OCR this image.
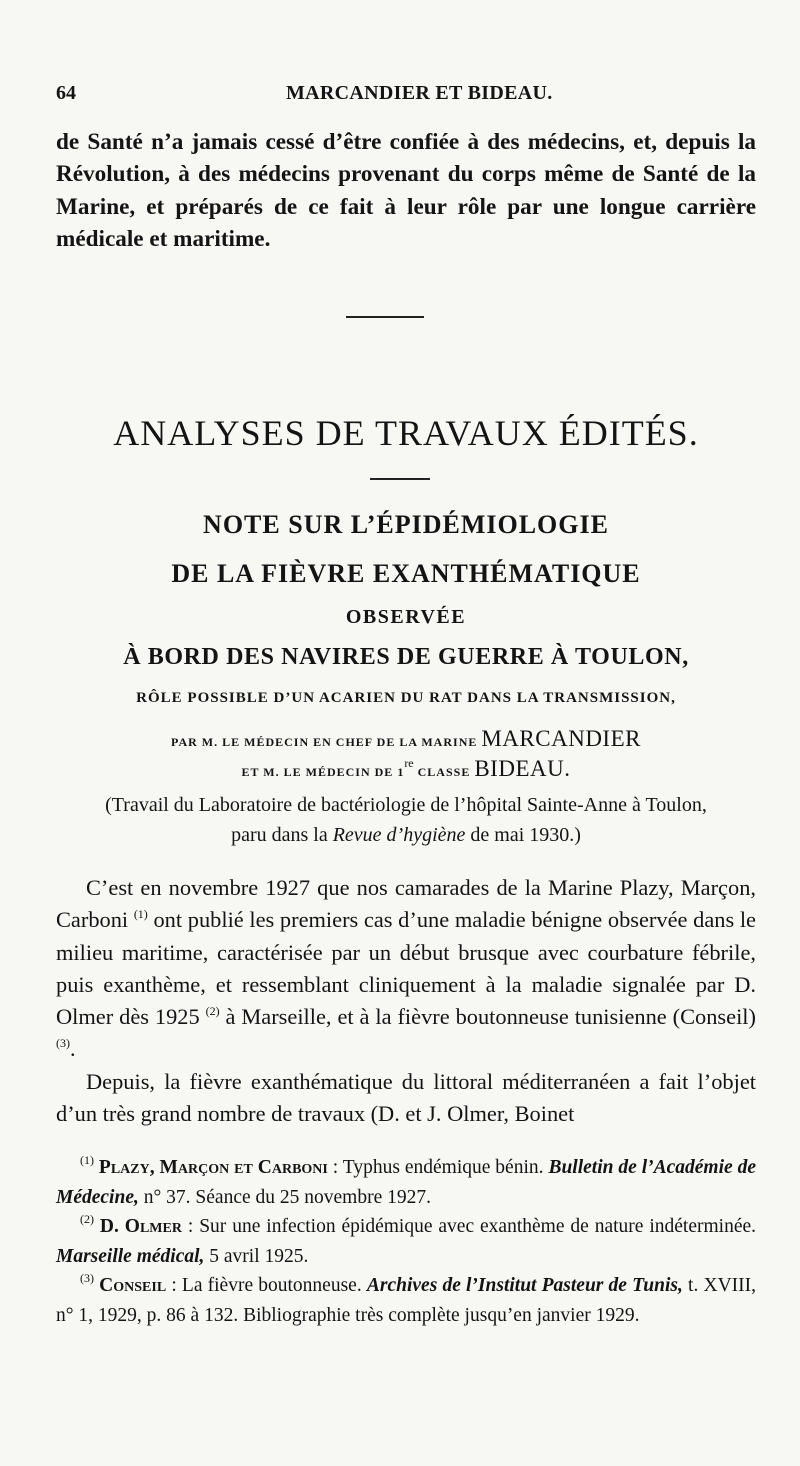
64	MARCANDIER ET BIDEAU.

de Santé n’a jamais cessé d’être confiée à des médecins, et, depuis la Révolution, à des médecins provenant du corps même de Santé de la Marine, et préparés de ce fait à leur rôle par une longue carrière médicale et maritime.

ANALYSES DE TRAVAUX ÉDITÉS.
NOTE SUR L’ÉPIDÉMIOLOGIE
DE LA FIÈVRE EXANTHÉMATIQUE
OBSERVÉE
À BORD DES NAVIRES DE GUERRE À TOULON,
RÔLE POSSIBLE D’UN ACARIEN DU RAT DANS LA TRANSMISSION,
PAR M. LE MÉDECIN EN CHEF DE LA MARINE MARCANDIER
ET M. LE MÉDECIN DE 1re CLASSE BIDEAU.
(Travail du Laboratoire de bactériologie de l’hôpital Sainte-Anne à Toulon,
paru dans la Revue d’hygiène de mai 1930.)

C’est en novembre 1927 que nos camarades de la Marine Plazy, Marçon, Carboni $^{(1)}$ ont publié les premiers cas d’une maladie bénigne observée dans le milieu maritime, caractérisée par un début brusque avec courbature fébrile, puis exanthème, et ressemblant cliniquement à la maladie signalée par D. Olmer dès 1925 $^{(2)}$ à Marseille, et à la fièvre boutonneuse tunisienne (Conseil) $^{(3)}$.

Depuis, la fièvre exanthématique du littoral méditerranéen a fait l’objet d’un très grand nombre de travaux (D. et J. Olmer, Boinet

$^{(1)}$ Plazy, Marçon et Carboni : Typhus endémique bénin. Bulletin de l’Académie de Médecine, n° 37. Séance du 25 novembre 1927.

$^{(2)}$ D. Olmer : Sur une infection épidémique avec exanthème de nature indéterminée. Marseille médical, 5 avril 1925.

$^{(3)}$ Conseil : La fièvre boutonneuse. Archives de l’Institut Pasteur de Tunis, t. XVIII, n° 1, 1929, p. 86 à 132. Bibliographie très complète jusqu’en janvier 1929.
